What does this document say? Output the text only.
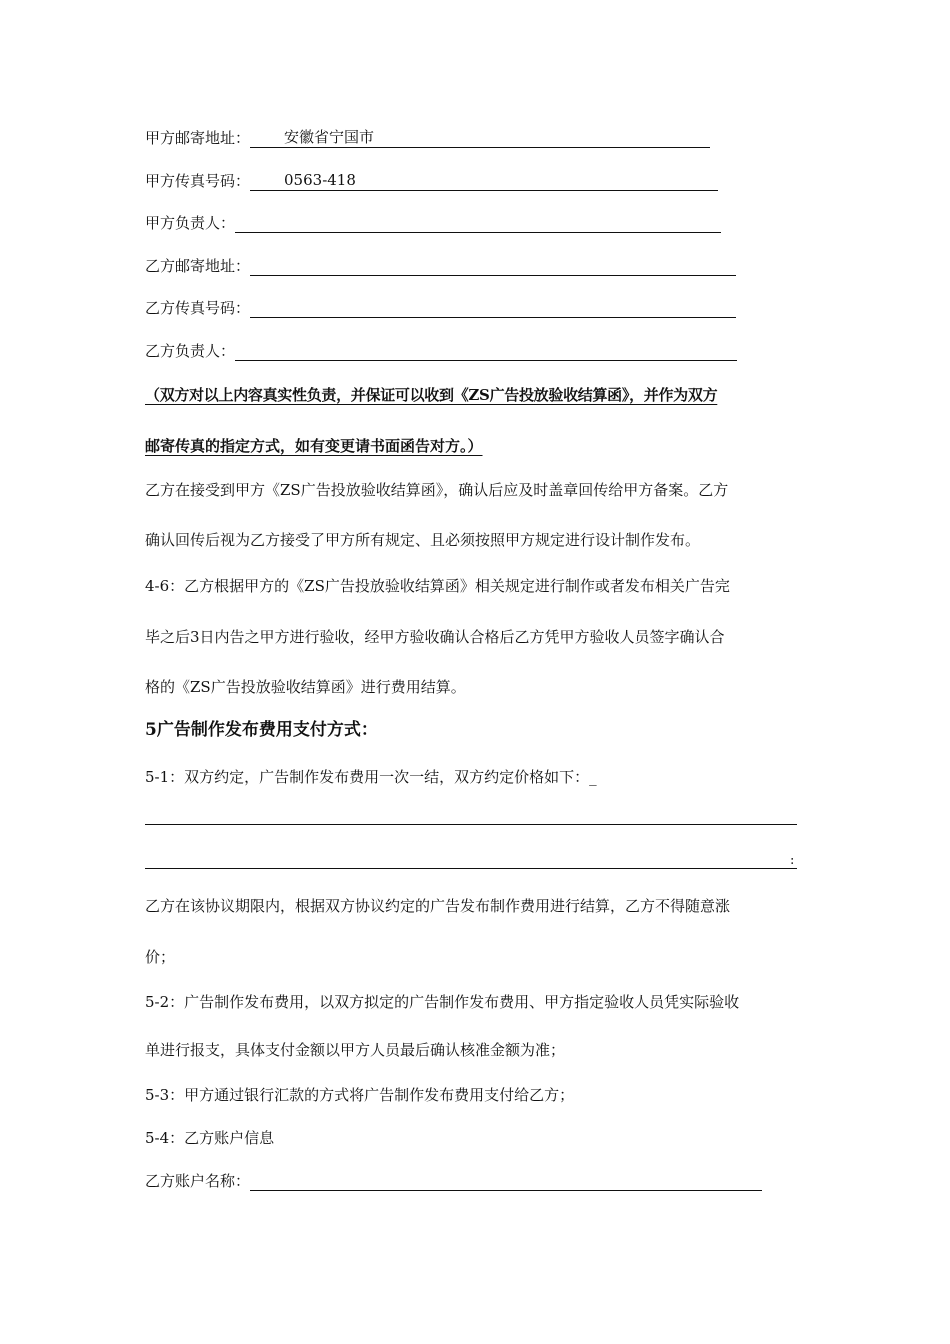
甲方邮寄地址： 安徽省宁国市
甲方传真号码： 0563-418
甲方负责人：
乙方邮寄地址：
乙方传真号码：
乙方负责人：
（双方对以上内容真实性负责，并保证可以收到《ZS广告投放验收结算函》，并作为双方
邮寄传真的指定方式，如有变更请书面函告对方。）
乙方在接受到甲方《ZS广告投放验收结算函》，确认后应及时盖章回传给甲方备案。乙方
确认回传后视为乙方接受了甲方所有规定、且必须按照甲方规定进行设计制作发布。
4-6：乙方根据甲方的《ZS广告投放验收结算函》相关规定进行制作或者发布相关广告完
毕之后3日内告之甲方进行验收，经甲方验收确认合格后乙方凭甲方验收人员签字确认合
格的《ZS广告投放验收结算函》进行费用结算。
5广告制作发布费用支付方式：
5-1：双方约定，广告制作发布费用一次一结，双方约定价格如下：_
:
乙方在该协议期限内，根据双方协议约定的广告发布制作费用进行结算，乙方不得随意涨
价；
5-2：广告制作发布费用，以双方拟定的广告制作发布费用、甲方指定验收人员凭实际验收
单进行报支，具体支付金额以甲方人员最后确认核准金额为准；
5-3：甲方通过银行汇款的方式将广告制作发布费用支付给乙方；
5-4：乙方账户信息
乙方账户名称：
